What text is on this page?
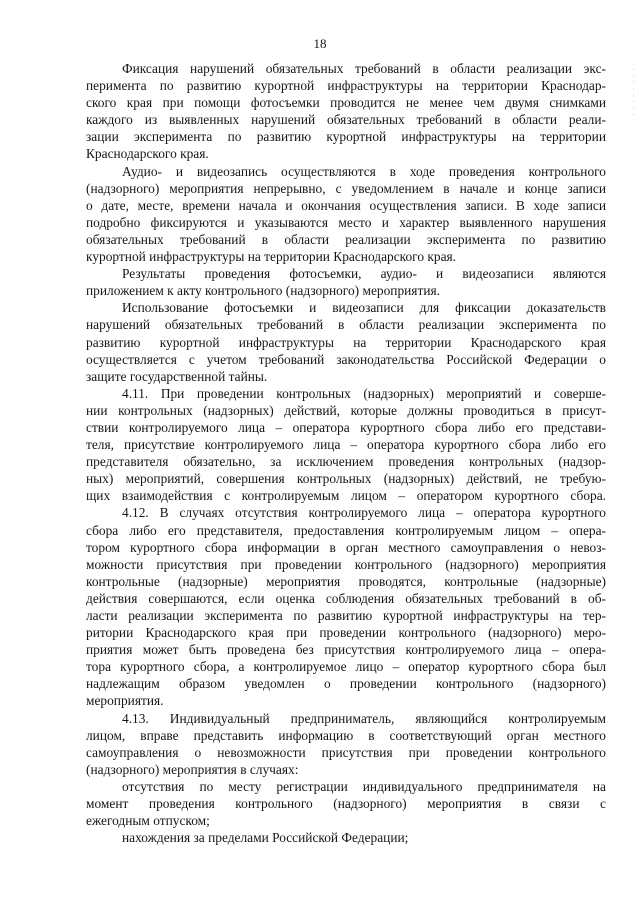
18
· · · · · · · ·
Фиксация нарушений обязательных требований в области реализации экс-
перимента по развитию курортной инфраструктуры на территории Краснодар-
ского края при помощи фотосъемки проводится не менее чем двумя снимками
каждого из выявленных нарушений обязательных требований в области реали-
зации эксперимента по развитию курортной инфраструктуры на территории
Краснодарского края.
Аудио- и видеозапись осуществляются в ходе проведения контрольного
(надзорного) мероприятия непрерывно, с уведомлением в начале и конце записи
о дате, месте, времени начала и окончания осуществления записи. В ходе записи
подробно фиксируются и указываются место и характер выявленного нарушения
обязательных требований в области реализации эксперимента по развитию
курортной инфраструктуры на территории Краснодарского края.
Результаты проведения фотосъемки, аудио- и видеозаписи являются
приложением к акту контрольного (надзорного) мероприятия.
Использование фотосъемки и видеозаписи для фиксации доказательств
нарушений обязательных требований в области реализации эксперимента по
развитию курортной инфраструктуры на территории Краснодарского края
осуществляется с учетом требований законодательства Российской Федерации о
защите государственной тайны.
4.11. При проведении контрольных (надзорных) мероприятий и соверше-
нии контрольных (надзорных) действий, которые должны проводиться в присут-
ствии контролируемого лица – оператора курортного сбора либо его представи-
теля, присутствие контролируемого лица – оператора курортного сбора либо его
представителя обязательно, за исключением проведения контрольных (надзор-
ных) мероприятий, совершения контрольных (надзорных) действий, не требую-
щих взаимодействия с контролируемым лицом – оператором курортного сбора.
4.12. В случаях отсутствия контролируемого лица – оператора курортного
сбора либо его представителя, предоставления контролируемым лицом – опера-
тором курортного сбора информации в орган местного самоуправления о невоз-
можности присутствия при проведении контрольного (надзорного) мероприятия
контрольные (надзорные) мероприятия проводятся, контрольные (надзорные)
действия совершаются, если оценка соблюдения обязательных требований в об-
ласти реализации эксперимента по развитию курортной инфраструктуры на тер-
ритории Краснодарского края при проведении контрольного (надзорного) меро-
приятия может быть проведена без присутствия контролируемого лица – опера-
тора курортного сбора, а контролируемое лицо – оператор курортного сбора был
надлежащим образом уведомлен о проведении контрольного (надзорного)
мероприятия.
4.13. Индивидуальный предприниматель, являющийся контролируемым
лицом, вправе представить информацию в соответствующий орган местного
самоуправления о невозможности присутствия при проведении контрольного
(надзорного) мероприятия в случаях:
отсутствия по месту регистрации индивидуального предпринимателя на
момент проведения контрольного (надзорного) мероприятия в связи с
ежегодным отпуском;
нахождения за пределами Российской Федерации;
